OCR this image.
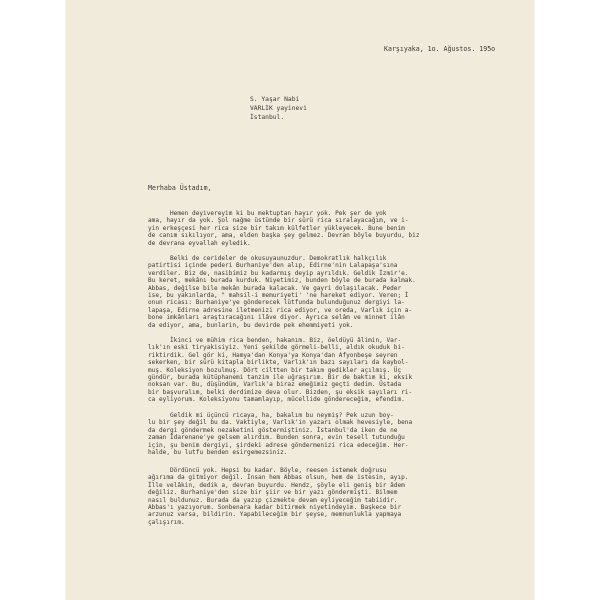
Karşıyaka, 1o. Ağustos. 195o
S. Yaşar Nabi
VARLIK yayinevi
İstanbul.
Merhaba Üstadım,
Hemen deyivereyim ki bu mektuptan hayır yok. Pek şer de yok
ama, hayır da yok. Şol nağme üstünde bir sürü rica sıralayacağım, ve i-
yin erkeşçesi her rica size bir takım külfetler yükleyecek. Bune benim
de canım sıkılıyor, ama, elden başka şey gelmez. Devran böyle buyurdu, biz
de devrana eyvallah eyledik.
Belki de cerideler de okusuyaunuzdur. Demokratlık halkçılık
patirtisi içinde pederi Burhaniye'den alıp, Edirne'nin Lalapaşa'sına
verdiler. Biz de, nasibimiz bu kadarmış deyip ayrıldık. Geldik İzmir'e.
Bu keret, mekânı burada kurduk. Niyetimiz, bunden böyle de burada kalmak.
Abbas, değilse bile mekân burada kalacak. Ve gayri dolaşılacak. Peder
ise, bu yakınlarda, " mahsil-i memuriyeti' 'ne hareket ediyor. Veren; İ
onun ricası: Burhaniye'ye gönderecek lütfunda bulunduğunuz dergiyi la-
lapaşa, Edirne adresine iletmenizi rica ediyor, ve oreda, Varlık için a-
bone imkânları araştıracağını ilâve diyor. Ayrıca selâm ve minnet ilân
da ediyor, ama, bunlarin, bu devirde pek ehemmiyeti yok.
İkinci ve mühim rica benden, hakanım. Biz, öeldüyü âlimin, Var-
lık'ın eski tiryakisiyiz. Yeni şekilde görmeli-belli, aldık okuduk bi-
riktirdik. Gel gör ki, Hamya'dan Konya'ya Konya'dan Afyonbeşe seyren
sekerken, bir sürü kitapla birlikte, Varlık'ın bazı sayıları da kaybol-
muş. Koleksiyon bozulmuş. Dört ciltten bir takım gedikler açılmış. Üç
gündür, burada kütüphanemi tanzim ile uğraşırım. Bir de baktım ki, eksik
noksan var. Bu, düşündüm, Varlık'a biraz emeğimiz geçti dedim. Üstada
bir başvuralım, belki derdimize deva olur. Bizden, şu eksik sayıları ri-
ca eyliyorum. Koleksiyonu tamamlayıp, mücellide göndereceğim, efendim.
Geldik mi üçüncü ricaya, ha, bakalım bu neymiş? Pek uzun boy-
lu bir şey değil bu da. Vaktiyle, Varlık'in yazarı olmak hevesiyle, bena
da dergi göndermek nezaketini göstermiştiniz. İstanbul'da iken de ne
zaman İdarenane'ye gelsem alırdım. Bunden sonra, evin tesell tutunduğu
için, şu benim dergiyi, şirdeki adrese göndermenizi rica edeceğim. Her-
halde, bu lutfu benden esirgemezsiniz.
Dördüncü yok. Hepsi bu kadar. Böyle, reesen istemek doğrusu
ağırıma da gitmiyor değil. İnsan hem Abbas olsun, hem de istesin, ayıp.
İlle velâkin, dedik a, devran buyurdu. Hendz, şöyle eli geniş bir âdem
değiliz. Burhaniye'den size bir şiir ve bir yazı göndermişti. Bilmem
nasıl buldunuz. Burada da yazıp çizmekte devam eyliyeceğim tabiidir.
Abbas'ı yazıyorum. Sonbenara kadar bitirmek niyetindeyim. Başkece bir
arzunuz varsa, bildirin. Yapabileceğim bir şeyse, memnunlukla yapmaya
çalışırım.
